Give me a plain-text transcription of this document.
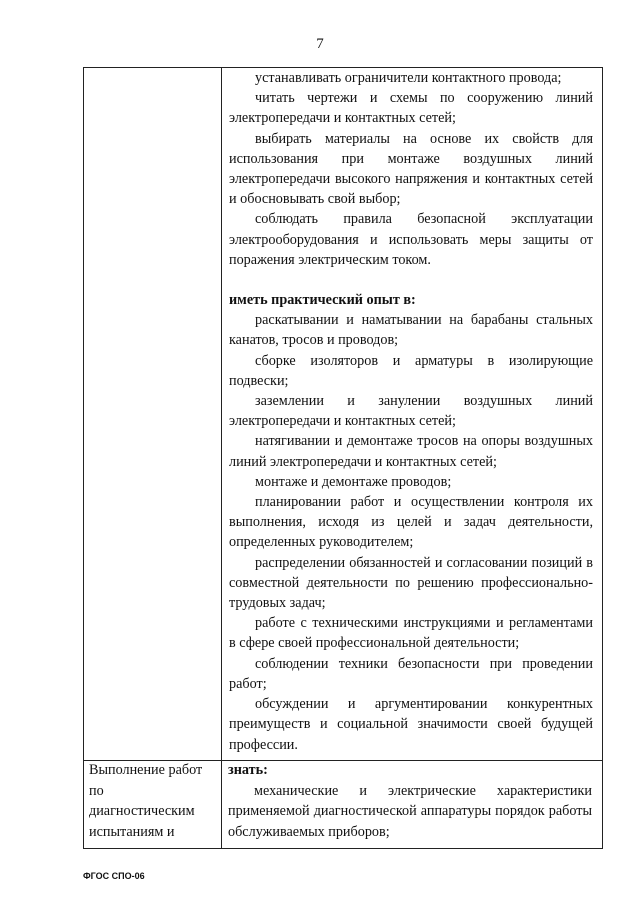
7

устанавливать ограничители контактного провода;

читать чертежи и схемы по сооружению линий электропередачи и контактных сетей;

выбирать материалы на основе их свойств для использования при монтаже воздушных линий электропередачи высокого напряжения и контактных сетей и обосновывать свой выбор;

соблюдать правила безопасной эксплуатации электрооборудования и использовать меры защиты от поражения электрическим током.

иметь практический опыт в:

раскатывании и наматывании на барабаны стальных канатов, тросов и проводов;

сборке изоляторов и арматуры в изолирующие подвески;

заземлении и занулении воздушных линий электропередачи и контактных сетей;

натягивании и демонтаже тросов на опоры воздушных линий электропередачи и контактных сетей;

монтаже и демонтаже проводов;

планировании работ и осуществлении контроля их выполнения, исходя из целей и задач деятельности, определенных руководителем;

распределении обязанностей и согласовании позиций в совместной деятельности по решению профессионально-трудовых задач;

работе с техническими инструкциями и регламентами в сфере своей профессиональной деятельности;

соблюдении техники безопасности при проведении работ;

обсуждении и аргументировании конкурентных преимуществ и социальной значимости своей будущей профессии.

Выполнение работ
по
диагностическим
испытаниям и

знать:

механические и электрические характеристики применяемой диагностической аппаратуры порядок работы обслуживаемых приборов;

ФГОС СПО-06
